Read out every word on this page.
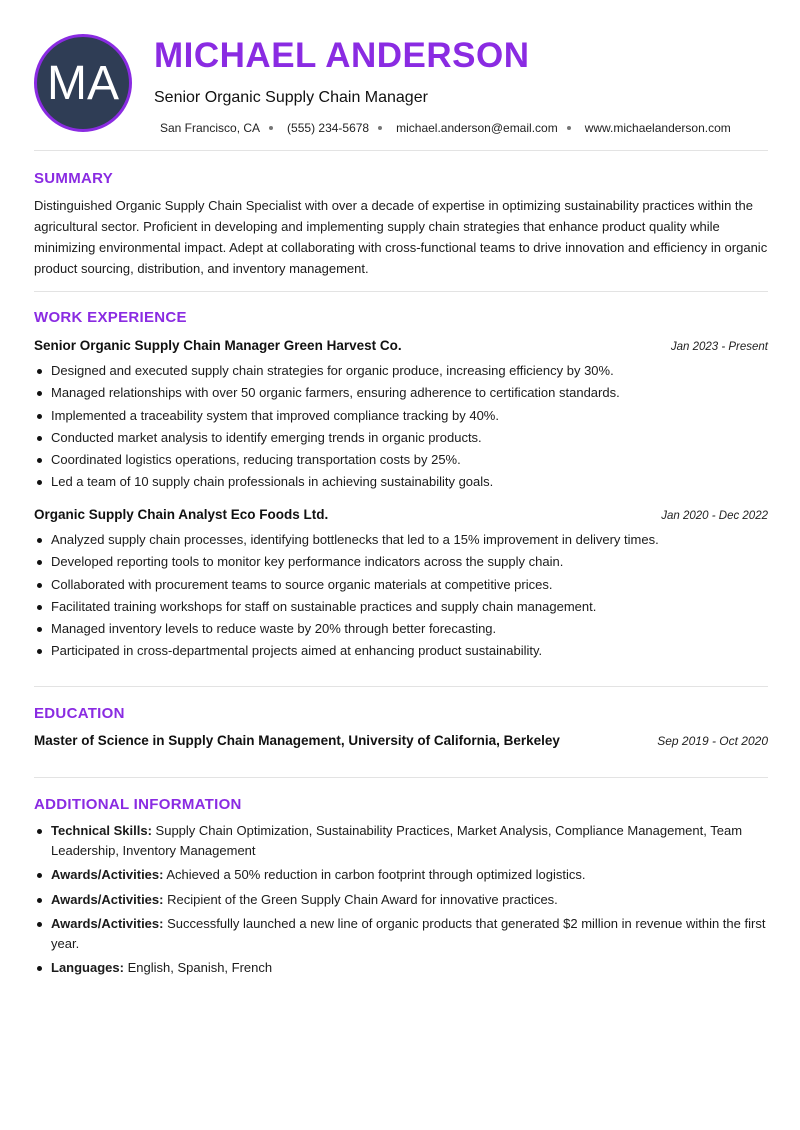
MA
MICHAEL ANDERSON
Senior Organic Supply Chain Manager
San Francisco, CA (555) 234-5678 michael.anderson@email.com www.michaelanderson.com
SUMMARY
Distinguished Organic Supply Chain Specialist with over a decade of expertise in optimizing sustainability practices within the agricultural sector. Proficient in developing and implementing supply chain strategies that enhance product quality while minimizing environmental impact. Adept at collaborating with cross-functional teams to drive innovation and efficiency in organic product sourcing, distribution, and inventory management.
WORK EXPERIENCE
Senior Organic Supply Chain Manager Green Harvest Co.	Jan 2023 - Present
Designed and executed supply chain strategies for organic produce, increasing efficiency by 30%.
Managed relationships with over 50 organic farmers, ensuring adherence to certification standards.
Implemented a traceability system that improved compliance tracking by 40%.
Conducted market analysis to identify emerging trends in organic products.
Coordinated logistics operations, reducing transportation costs by 25%.
Led a team of 10 supply chain professionals in achieving sustainability goals.
Organic Supply Chain Analyst Eco Foods Ltd.	Jan 2020 - Dec 2022
Analyzed supply chain processes, identifying bottlenecks that led to a 15% improvement in delivery times.
Developed reporting tools to monitor key performance indicators across the supply chain.
Collaborated with procurement teams to source organic materials at competitive prices.
Facilitated training workshops for staff on sustainable practices and supply chain management.
Managed inventory levels to reduce waste by 20% through better forecasting.
Participated in cross-departmental projects aimed at enhancing product sustainability.
EDUCATION
Master of Science in Supply Chain Management, University of California, Berkeley	Sep 2019 - Oct 2020
ADDITIONAL INFORMATION
Technical Skills: Supply Chain Optimization, Sustainability Practices, Market Analysis, Compliance Management, Team Leadership, Inventory Management
Awards/Activities: Achieved a 50% reduction in carbon footprint through optimized logistics.
Awards/Activities: Recipient of the Green Supply Chain Award for innovative practices.
Awards/Activities: Successfully launched a new line of organic products that generated $2 million in revenue within the first year.
Languages: English, Spanish, French
